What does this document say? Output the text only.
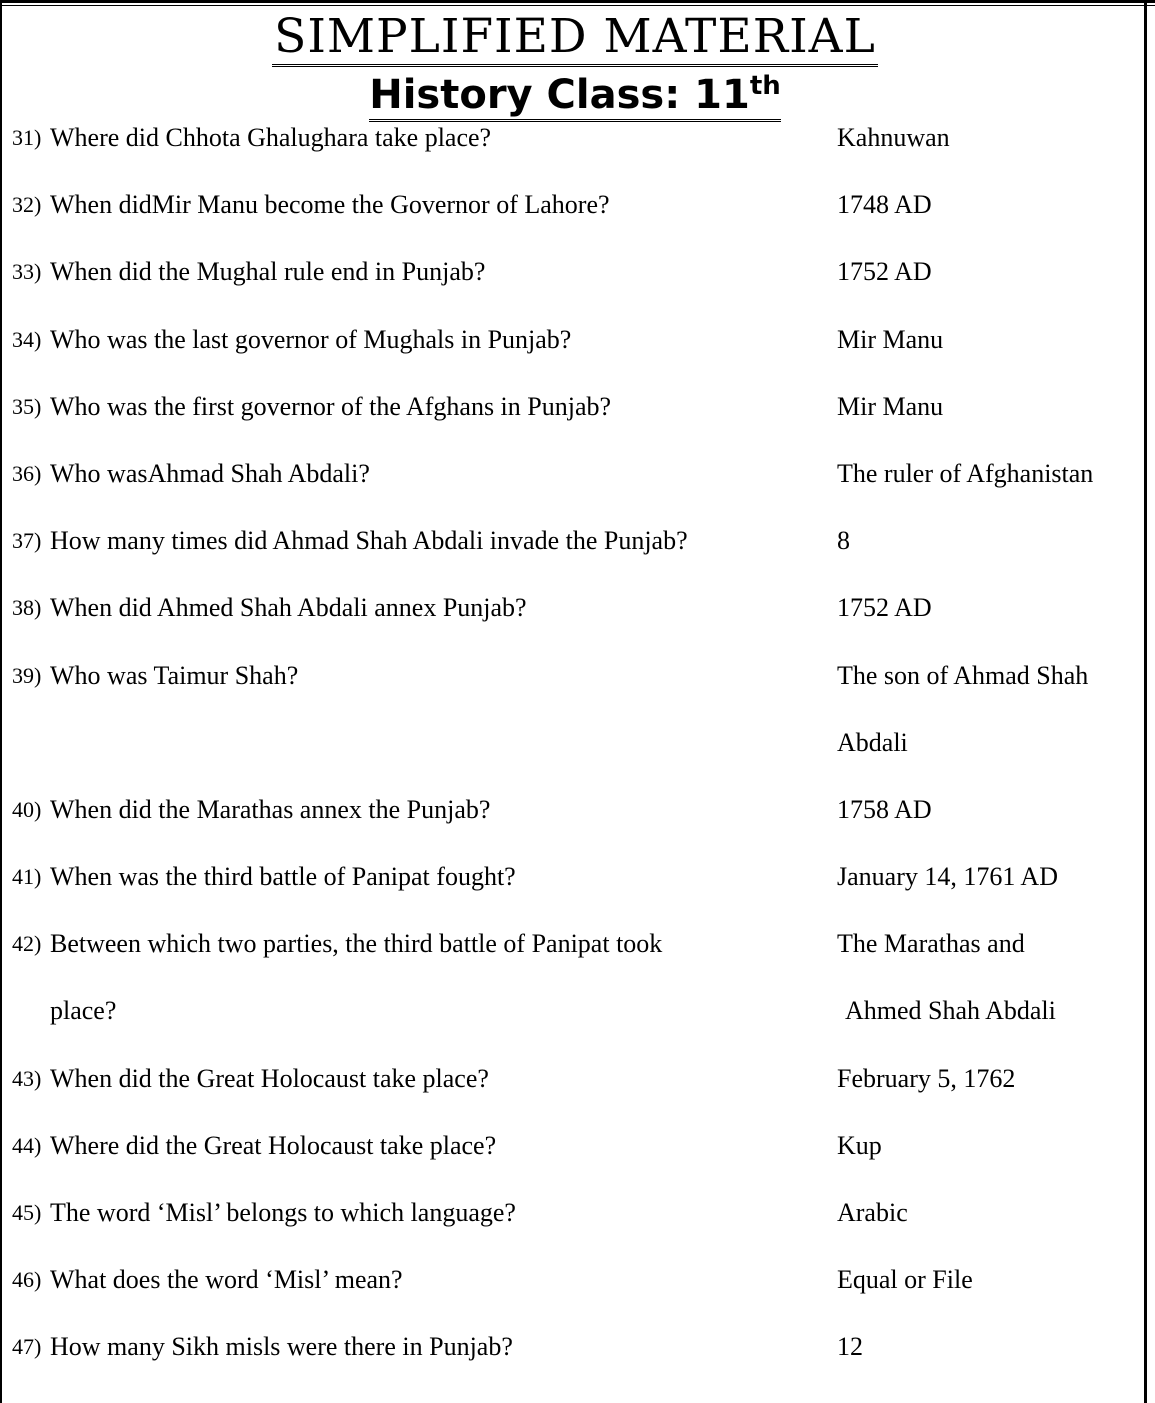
SIMPLIFIED MATERIAL
History Class: 11th
31) Where did Chhota Ghalughara take place?	Kahnuwan
32) When didMir Manu become the Governor of Lahore?	1748 AD
33) When did the Mughal rule end in Punjab?	1752 AD
34) Who was the last governor of Mughals in Punjab?	Mir Manu
35) Who was the first governor of the Afghans in Punjab?	Mir Manu
36) Who wasAhmad Shah Abdali?	The ruler of Afghanistan
37) How many times did Ahmad Shah Abdali invade the Punjab?	8
38) When did Ahmed Shah Abdali annex Punjab?	1752 AD
39) Who was Taimur Shah?	The son of Ahmad Shah
Abdali
40) When did the Marathas annex the Punjab?	1758 AD
41) When was the third battle of Panipat fought?	January 14, 1761 AD
42) Between which two parties, the third battle of Panipat took	The Marathas and
place?	Ahmed Shah Abdali
43) When did the Great Holocaust take place?	February 5, 1762
44) Where did the Great Holocaust take place?	Kup
45) The word ‘Misl’ belongs to which language?	Arabic
46) What does the word ‘Misl’ mean?	Equal or File
47) How many Sikh misls were there in Punjab?	12
